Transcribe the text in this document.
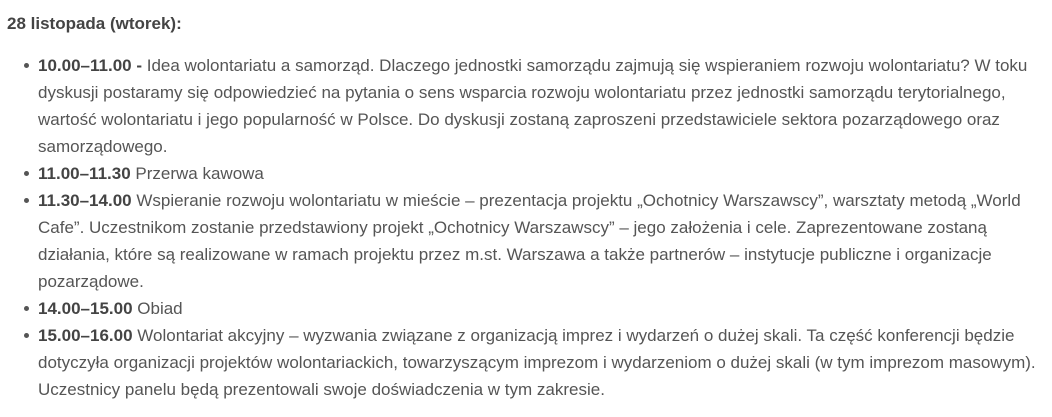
28 listopada (wtorek):

10.00–11.00 - Idea wolontariatu a samorząd. Dlaczego jednostki samorządu zajmują się wspieraniem rozwoju wolontariatu? W toku dyskusji postaramy się odpowiedzieć na pytania o sens wsparcia rozwoju wolontariatu przez jednostki samorządu terytorialnego, wartość wolontariatu i jego popularność w Polsce. Do dyskusji zostaną zaproszeni przedstawiciele sektora pozarządowego oraz samorządowego.
11.00–11.30 Przerwa kawowa
11.30–14.00 Wspieranie rozwoju wolontariatu w mieście – prezentacja projektu „Ochotnicy Warszawscy”, warsztaty metodą „World Cafe”. Uczestnikom zostanie przedstawiony projekt „Ochotnicy Warszawscy” – jego założenia i cele. Zaprezentowane zostaną działania, które są realizowane w ramach projektu przez m.st. Warszawa a także partnerów – instytucje publiczne i organizacje pozarządowe.
14.00–15.00 Obiad
15.00–16.00 Wolontariat akcyjny – wyzwania związane z organizacją imprez i wydarzeń o dużej skali. Ta część konferencji będzie dotyczyła organizacji projektów wolontariackich, towarzyszącym imprezom i wydarzeniom o dużej skali (w tym imprezom masowym). Uczestnicy panelu będą prezentowali swoje doświadczenia w tym zakresie.
